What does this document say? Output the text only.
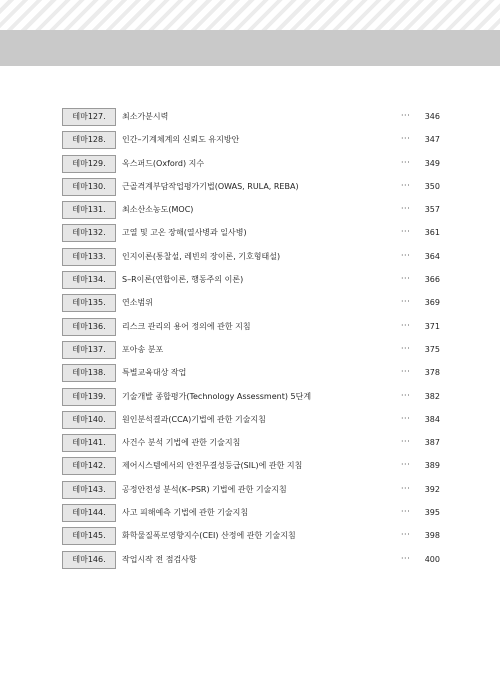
테마127.	최소가분시력	··· 346
테마128.	인간–기계체계의 신뢰도 유지방안	··· 347
테마129.	옥스퍼드(Oxford) 지수	··· 349
테마130.	근골격계부담작업평가기법(OWAS, RULA, REBA)	··· 350
테마131.	최소산소농도(MOC)	··· 357
테마132.	고열 및 고온 장해(열사병과 일사병)	··· 361
테마133.	인지이론(통찰설, 레빈의 장이론, 기호형태설)	··· 364
테마134.	S–R이론(연합이론, 행동주의 이론)	··· 366
테마135.	연소범위	··· 369
테마136.	리스크 관리의 용어 정의에 관한 지침	··· 371
테마137.	포아송 분포	··· 375
테마138.	특별교육대상 작업	··· 378
테마139.	기술개발 종합평가(Technology Assessment) 5단계	··· 382
테마140.	원인분석결과(CCA)기법에 관한 기술지침	··· 384
테마141.	사건수 분석 기법에 관한 기술지침	··· 387
테마142.	제어시스템에서의 안전무결성등급(SIL)에 관한 지침	··· 389
테마143.	공정안전성 분석(K–PSR) 기법에 관한 기술지침	··· 392
테마144.	사고 피해예측 기법에 관한 기술지침	··· 395
테마145.	화학물질폭로영향지수(CEI) 산정에 관한 기술지침	··· 398
테마146.	작업시작 전 점검사항	··· 400
